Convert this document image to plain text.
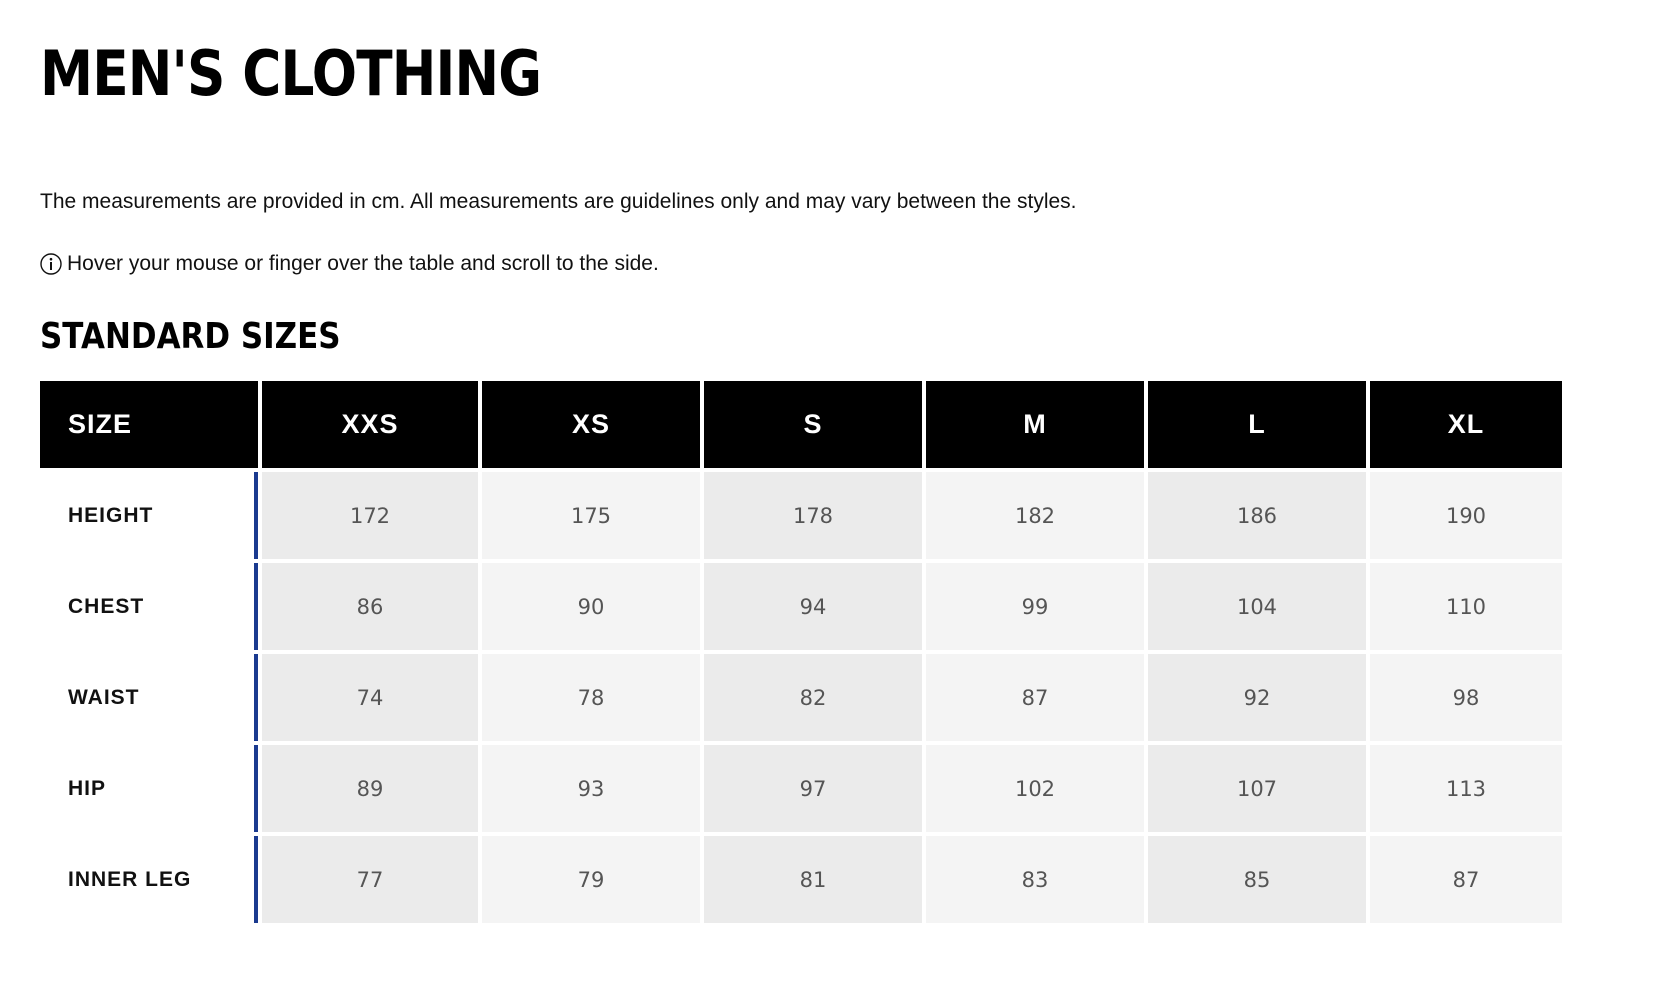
MEN'S CLOTHING

The measurements are provided in cm. All measurements are guidelines only and may vary between the styles.

Hover your mouse or finger over the table and scroll to the side.
STANDARD SIZES
SIZE	XXS	XS	S	M	L	XL
HEIGHT	172	175	178	182	186	190
CHEST	86	90	94	99	104	110
WAIST	74	78	82	87	92	98
HIP	89	93	97	102	107	113
INNER LEG	77	79	81	83	85	87
